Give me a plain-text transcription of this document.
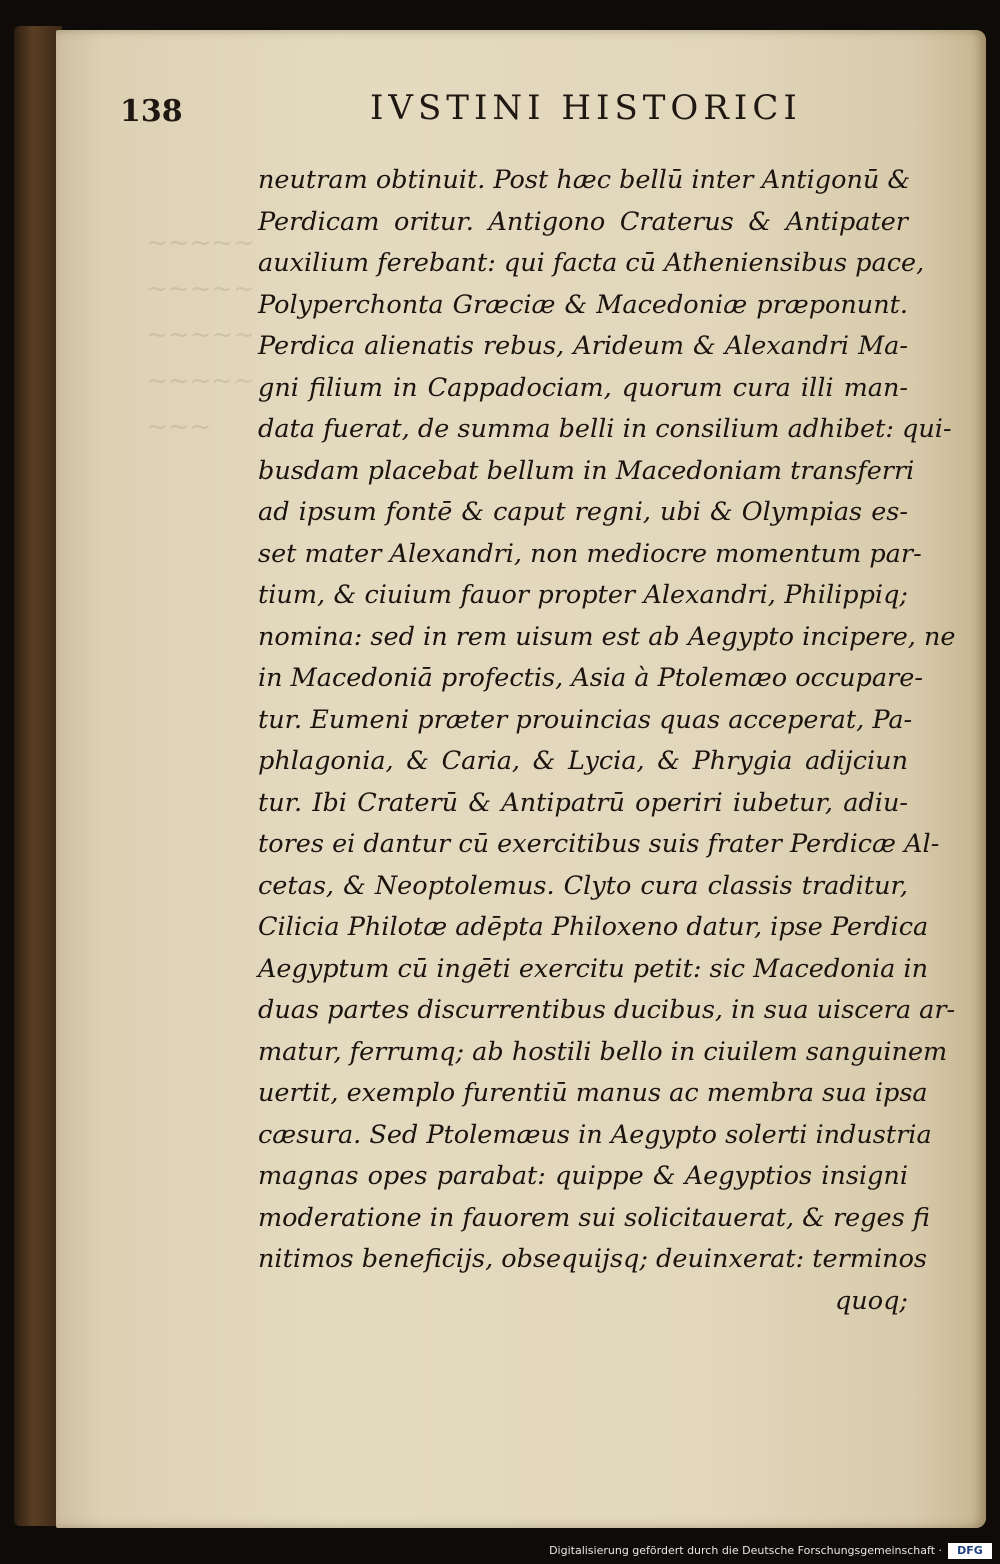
~~~~~
~~~~~
~~~~~
~~~~~
~~~
138	IVSTINI HISTORICI
neutram obtinuit. Post hæc bellū inter Antigonū &
Perdicam oritur. Antigono Craterus & Antipater
auxilium ferebant: qui facta cū Atheniensibus pace,
Polyperchonta Græciæ & Macedoniæ præponunt.
Perdica alienatis rebus, Arideum & Alexandri Ma-
gni filium in Cappadociam, quorum cura illi man-
data fuerat, de summa belli in consilium adhibet: qui-
busdam placebat bellum in Macedoniam transferri
ad ipsum fontē & caput regni, ubi & Olympias es-
set mater Alexandri, non mediocre momentum par-
tium, & ciuium fauor propter Alexandri, Philippiq;
nomina: sed in rem uisum est ab Aegypto incipere, ne
in Macedoniā profectis, Asia à Ptolemæo occupare-
tur. Eumeni præter prouincias quas acceperat, Pa-
phlagonia, & Caria, & Lycia, & Phrygia adijciun
tur. Ibi Craterū & Antipatrū operiri iubetur, adiu-
tores ei dantur cū exercitibus suis frater Perdicæ Al-
cetas, & Neoptolemus. Clyto cura classis traditur,
Cilicia Philotæ adēpta Philoxeno datur, ipse Perdica
Aegyptum cū ingēti exercitu petit: sic Macedonia in
duas partes discurrentibus ducibus, in sua uiscera ar-
matur, ferrumq; ab hostili bello in ciuilem sanguinem
uertit, exemplo furentiū manus ac membra sua ipsa
cæsura. Sed Ptolemæus in Aegypto solerti industria
magnas opes parabat: quippe & Aegyptios insigni
moderatione in fauorem sui solicitauerat, & reges fi
nitimos beneficijs, obsequijsq; deuinxerat: terminos
quoq;
Digitalisierung gefördert durch die Deutsche Forschungsgemeinschaft ·	DFG
